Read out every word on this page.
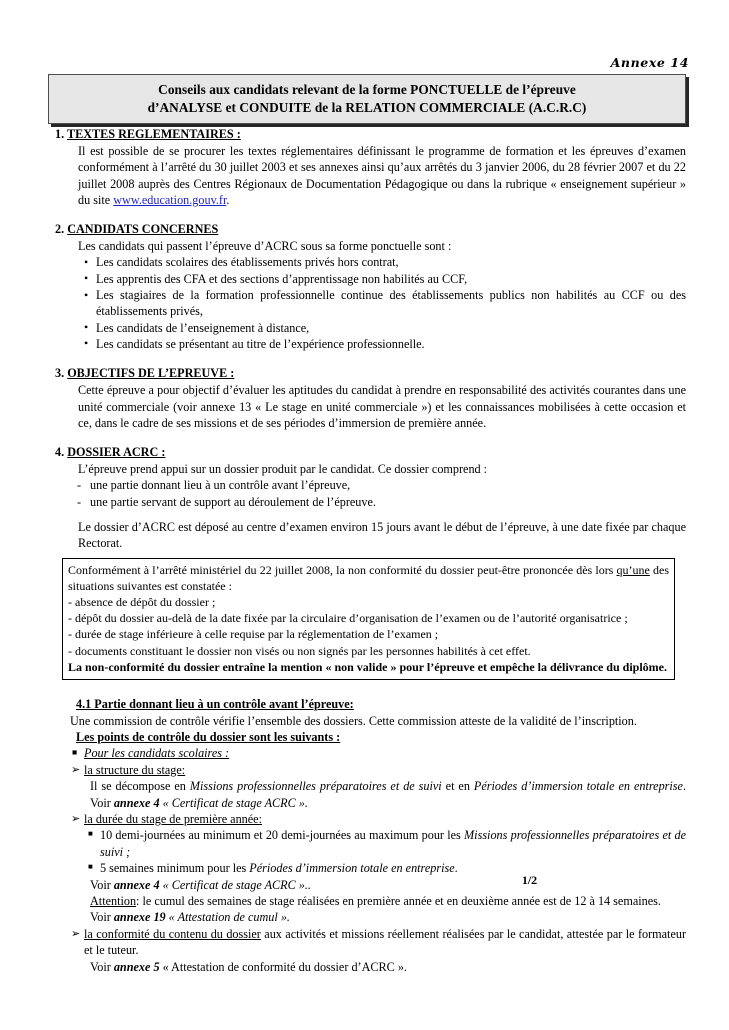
Annexe 14
Conseils aux candidats relevant de la forme PONCTUELLE de l’épreuve
d’ANALYSE et CONDUITE de la RELATION COMMERCIALE (A.C.R.C)
1. TEXTES REGLEMENTAIRES :

Il est possible de se procurer les textes réglementaires définissant le programme de formation et les épreuves d’examen conformément à l’arrêté du 30 juillet 2003 et ses annexes ainsi qu’aux arrêtés du 3 janvier 2006, du 28 février 2007 et du 22 juillet 2008 auprès des Centres Régionaux de Documentation Pédagogique ou dans la rubrique « enseignement supérieur » du site www.education.gouv.fr.

2. CANDIDATS CONCERNES

Les candidats qui passent l’épreuve d’ACRC sous sa forme ponctuelle sont :

• Les candidats scolaires des établissements privés hors contrat,
• Les apprentis des CFA et des sections d’apprentissage non habilités au CCF,
• Les stagiaires de la formation professionnelle continue des établissements publics non habilités au CCF ou des établissements privés,
• Les candidats de l’enseignement à distance,
• Les candidats se présentant au titre de l’expérience professionnelle.
3. OBJECTIFS DE L’EPREUVE :

Cette épreuve a pour objectif d’évaluer les aptitudes du candidat à prendre en responsabilité des activités courantes dans une unité commerciale (voir annexe 13 « Le stage en unité commerciale ») et les connaissances mobilisées à cette occasion et ce, dans le cadre de ses missions et de ses périodes d’immersion de première année.

4. DOSSIER ACRC :

L’épreuve prend appui sur un dossier produit par le candidat. Ce dossier comprend :

- une partie donnant lieu à un contrôle avant l’épreuve,
- une partie servant de support au déroulement de l’épreuve.

Le dossier d’ACRC est déposé au centre d’examen environ 15 jours avant le début de l’épreuve, à une date fixée par chaque Rectorat.

Conformément à l’arrêté ministériel du 22 juillet 2008, la non conformité du dossier peut-être prononcée dès lors qu’une des situations suivantes est constatée :

- absence de dépôt du dossier ;

- dépôt du dossier au-delà de la date fixée par la circulaire d’organisation de l’examen ou de l’autorité organisatrice ;

- durée de stage inférieure à celle requise par la réglementation de l’examen ;

- documents constituant le dossier non visés ou non signés par les personnes habilités à cet effet.

La non-conformité du dossier entraîne la mention « non valide » pour l’épreuve et empêche la délivrance du diplôme.

4.1 Partie donnant lieu à un contrôle avant l’épreuve:

Une commission de contrôle vérifie l’ensemble des dossiers. Cette commission atteste de la validité de l’inscription.

Les points de contrôle du dossier sont les suivants :
■ Pour les candidats scolaires :
➢ la structure du stage:

Il se décompose en Missions professionnelles préparatoires et de suivi et en Périodes d’immersion totale en entreprise. Voir annexe 4 « Certificat de stage ACRC ».

➢ la durée du stage de première année:
■ 10 demi-journées au minimum et 20 demi-journées au maximum pour les Missions professionnelles préparatoires et de suivi ;
■ 5 semaines minimum pour les Périodes d’immersion totale en entreprise.

Voir annexe 4 « Certificat de stage ACRC »..

Attention: le cumul des semaines de stage réalisées en première année et en deuxième année est de 12 à 14 semaines.

Voir annexe 19 « Attestation de cumul ».

➢ la conformité du contenu du dossier aux activités et missions réellement réalisées par le candidat, attestée par le formateur et le tuteur.

Voir annexe 5 « Attestation de conformité du dossier d’ACRC ».

1/2
